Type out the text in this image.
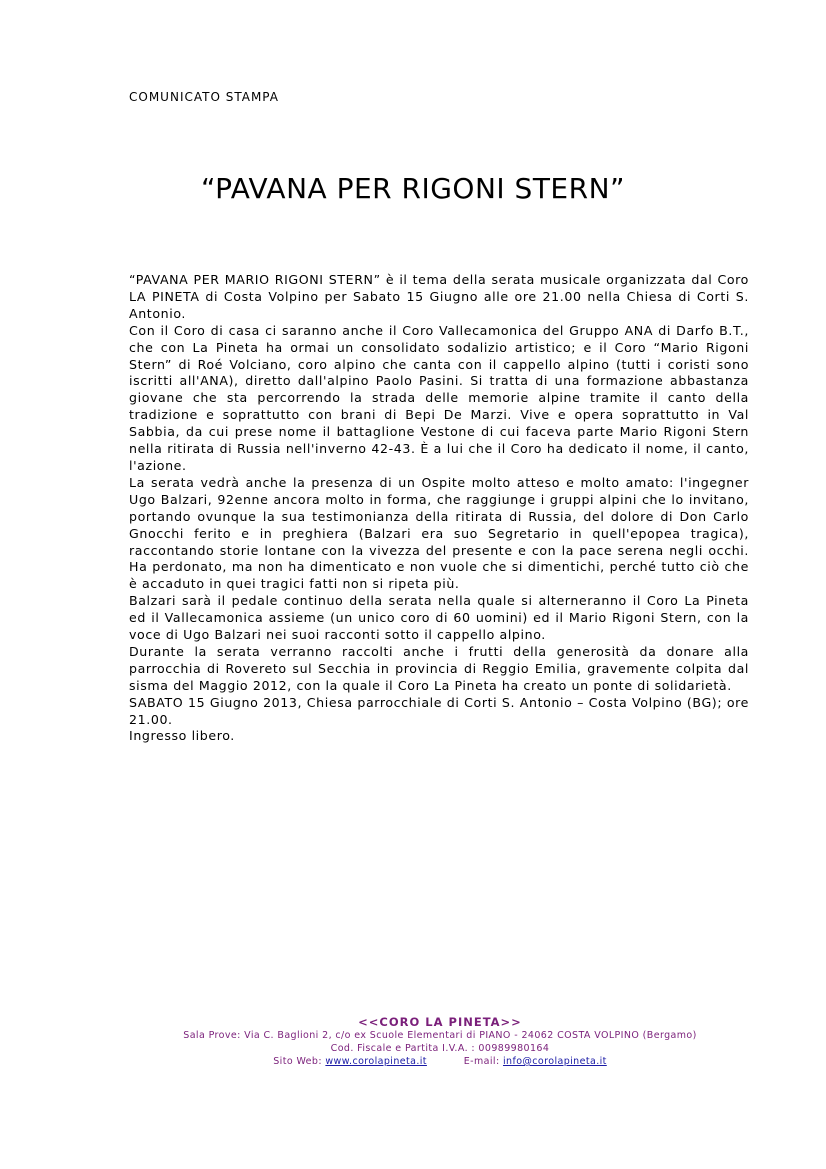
COMUNICATO STAMPA
“PAVANA PER RIGONI STERN”

“PAVANA PER MARIO RIGONI STERN” è il tema della serata musicale organizzata dal Coro LA PINETA di Costa Volpino per Sabato 15 Giugno alle ore 21.00 nella Chiesa di Corti S. Antonio.

Con il Coro di casa ci saranno anche il Coro Vallecamonica del Gruppo ANA di Darfo B.T., che con La Pineta ha ormai un consolidato sodalizio artistico; e il Coro “Mario Rigoni Stern” di Roé Volciano, coro alpino che canta con il cappello alpino (tutti i coristi sono iscritti all'ANA), diretto dall'alpino Paolo Pasini. Si tratta di una formazione abbastanza giovane che sta percorrendo la strada delle memorie alpine tramite il canto della tradizione e soprattutto con brani di Bepi De Marzi. Vive e opera soprattutto in Val Sabbia, da cui prese nome il battaglione Vestone di cui faceva parte Mario Rigoni Stern nella ritirata di Russia nell'inverno 42-43. È a lui che il Coro ha dedicato il nome, il canto, l'azione.

La serata vedrà anche la presenza di un Ospite molto atteso e molto amato: l'ingegner Ugo Balzari, 92enne ancora molto in forma, che raggiunge i gruppi alpini che lo invitano, portando ovunque la sua testimonianza della ritirata di Russia, del dolore di Don Carlo Gnocchi ferito e in preghiera (Balzari era suo Segretario in quell'epopea tragica), raccontando storie lontane con la vivezza del presente e con la pace serena negli occhi. Ha perdonato, ma non ha dimenticato e non vuole che si dimentichi, perché tutto ciò che è accaduto in quei tragici fatti non si ripeta più.

Balzari sarà il pedale continuo della serata nella quale si alterneranno il Coro La Pineta ed il Vallecamonica assieme (un unico coro di 60 uomini) ed il Mario Rigoni Stern, con la voce di Ugo Balzari nei suoi racconti sotto il cappello alpino.

Durante la serata verranno raccolti anche i frutti della generosità da donare alla parrocchia di Rovereto sul Secchia in provincia di Reggio Emilia, gravemente colpita dal sisma del Maggio 2012, con la quale il Coro La Pineta ha creato un ponte di solidarietà.

SABATO 15 Giugno 2013, Chiesa parrocchiale di Corti S. Antonio – Costa Volpino (BG); ore 21.00.

Ingresso libero.

_______________________________________________________________________________
<<CORO LA PINETA>>
Sala Prove: Via C. Baglioni 2, c/o ex Scuole Elementari di PIANO - 24062 COSTA VOLPINO (Bergamo)
Cod. Fiscale e Partita I.V.A. : 00989980164
Sito Web: www.corolapineta.it	E-mail: info@corolapineta.it
